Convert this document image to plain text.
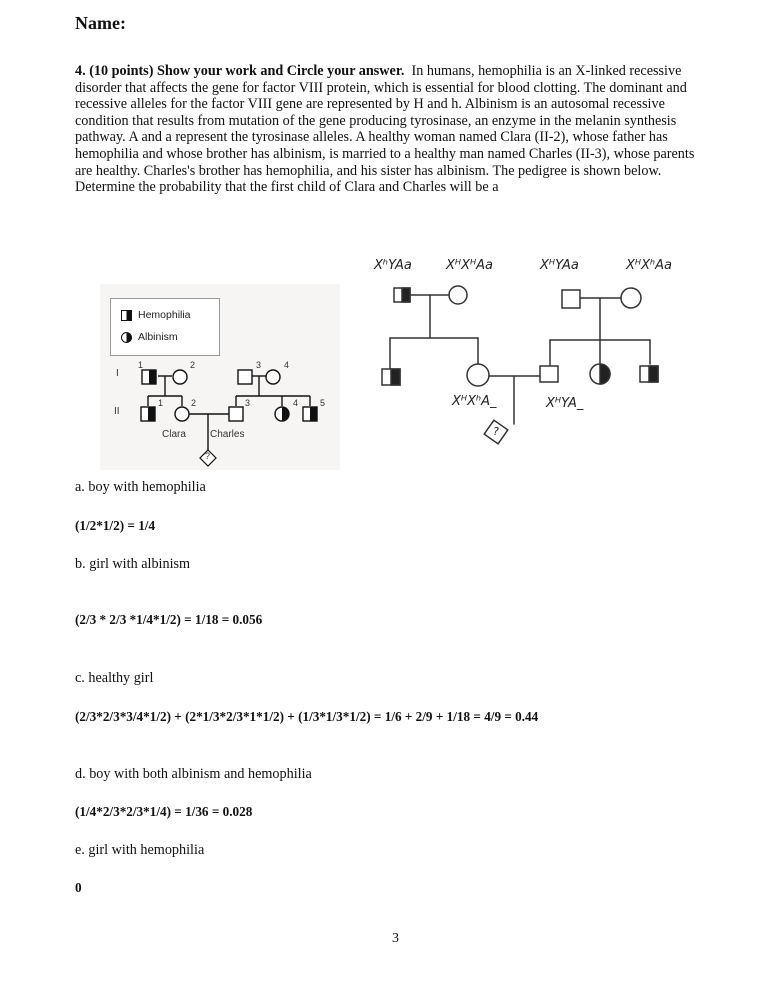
Name:
4. (10 points) Show your work and Circle your answer. In humans, hemophilia is an X-linked recessive disorder that affects the gene for factor VIII protein, which is essential for blood clotting. The dominant and recessive alleles for the factor VIII gene are represented by H and h. Albinism is an autosomal recessive condition that results from mutation of the gene producing tyrosinase, an enzyme in the melanin synthesis pathway. A and a represent the tyrosinase alleles. A healthy woman named Clara (II-2), whose father has hemophilia and whose brother has albinism, is married to a healthy man named Charles (II-3), whose parents are healthy. Charles's brother has hemophilia, and his sister has albinism. The pedigree is shown below. Determine the probability that the first child of Clara and Charles will be a
Hemophilia
Albinism
I
II
1	2	3	4
1	2	3	4 5
Clara Charles
?
XʰYAa	XᴴXᴴAa	XᴴYAa	XᴴXʰAa
XᴴXʰA_	XᴴYA_
?
a. boy with hemophilia
(1/2*1/2) = 1/4
b. girl with albinism
(2/3 * 2/3 *1/4*1/2) = 1/18 = 0.056
c. healthy girl
(2/3*2/3*3/4*1/2) + (2*1/3*2/3*1*1/2) + (1/3*1/3*1/2) = 1/6 + 2/9 + 1/18 = 4/9 = 0.44
d. boy with both albinism and hemophilia
(1/4*2/3*2/3*1/4) = 1/36 = 0.028
e. girl with hemophilia
0
3
